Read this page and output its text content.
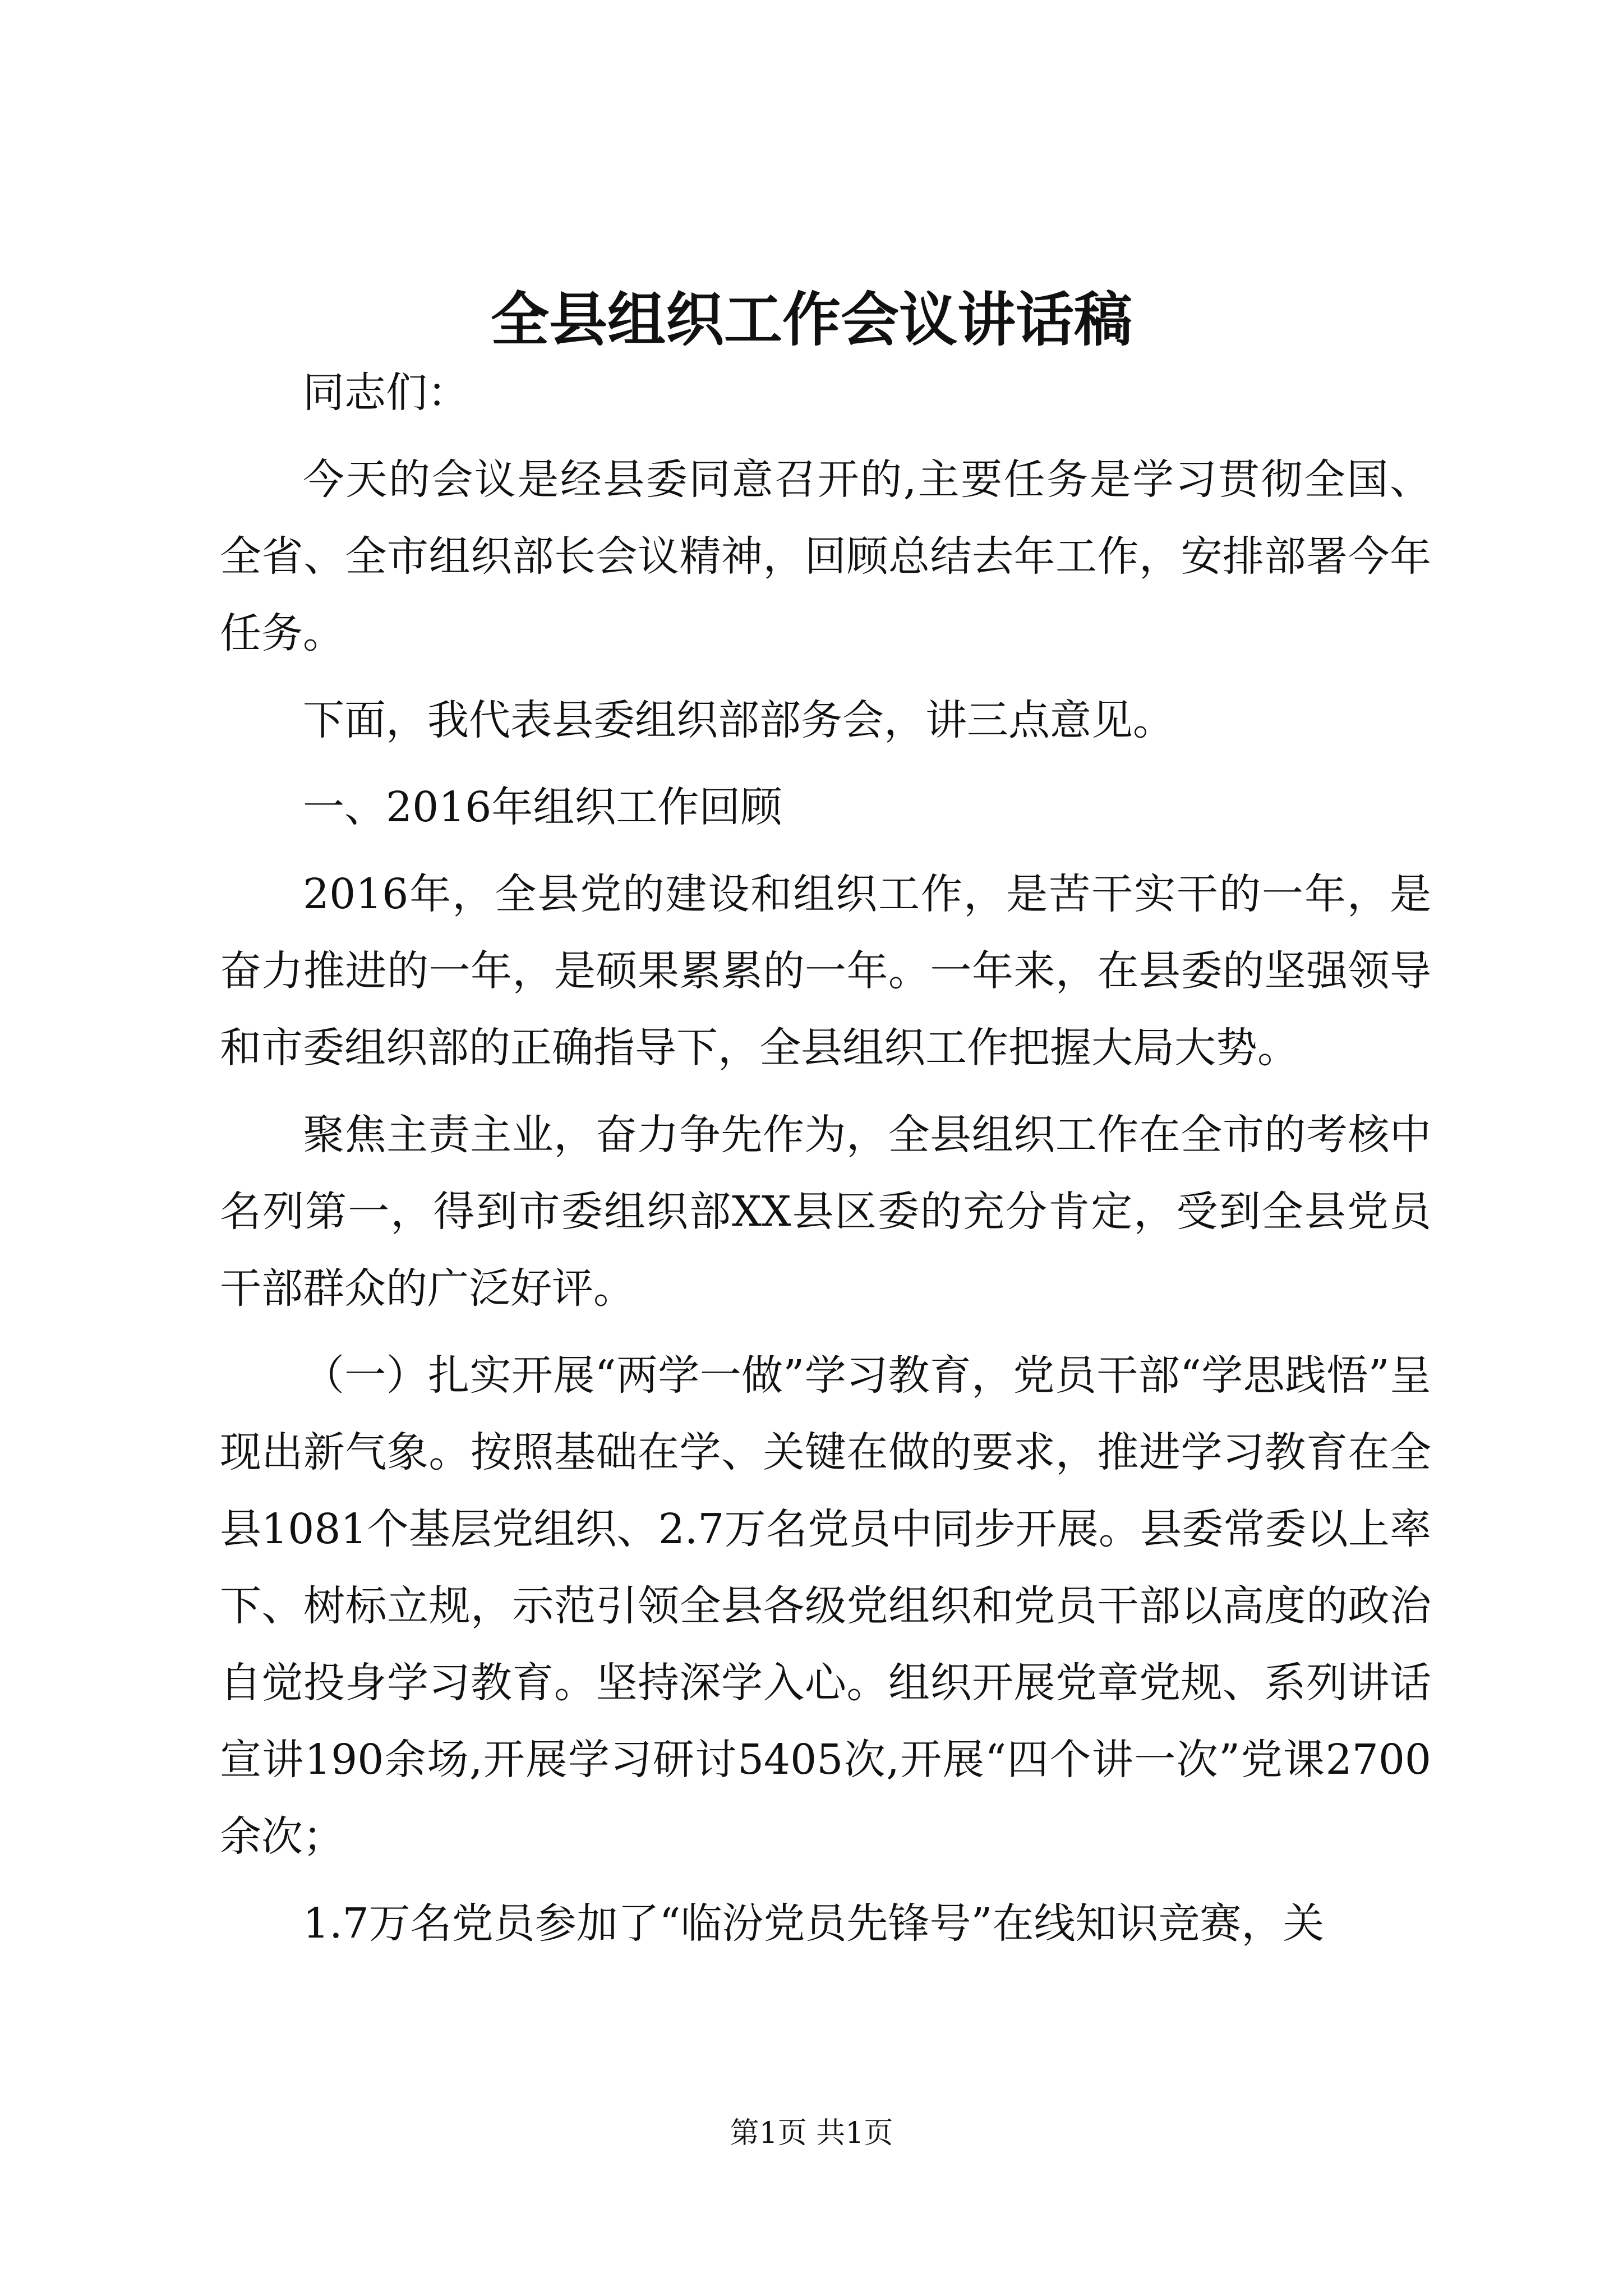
全县组织工作会议讲话稿

同志们：

今天的会议是经县委同意召开的,主要任务是学习贯彻全国、全省、全市组织部长会议精神，回顾总结去年工作，安排部署今年任务。

下面，我代表县委组织部部务会，讲三点意见。

一、2016年组织工作回顾

2016年，全县党的建设和组织工作，是苦干实干的一年，是奋力推进的一年，是硕果累累的一年。一年来，在县委的坚强领导和市委组织部的正确指导下，全县组织工作把握大局大势。

聚焦主责主业，奋力争先作为，全县组织工作在全市的考核中名列第一，得到市委组织部XX县区委的充分肯定，受到全县党员干部群众的广泛好评。

（一）扎实开展“两学一做”学习教育，党员干部“学思践悟”呈现出新气象。按照基础在学、关键在做的要求，推进学习教育在全县1081个基层党组织、2.7万名党员中同步开展。县委常委以上率下、树标立规，示范引领全县各级党组织和党员干部以高度的政治自觉投身学习教育。坚持深学入心。组织开展党章党规、系列讲话宣讲190余场,开展学习研讨5405次,开展“四个讲一次”党课2700余次；

1.7万名党员参加了“临汾党员先锋号”在线知识竞赛，关

第1页 共1页
